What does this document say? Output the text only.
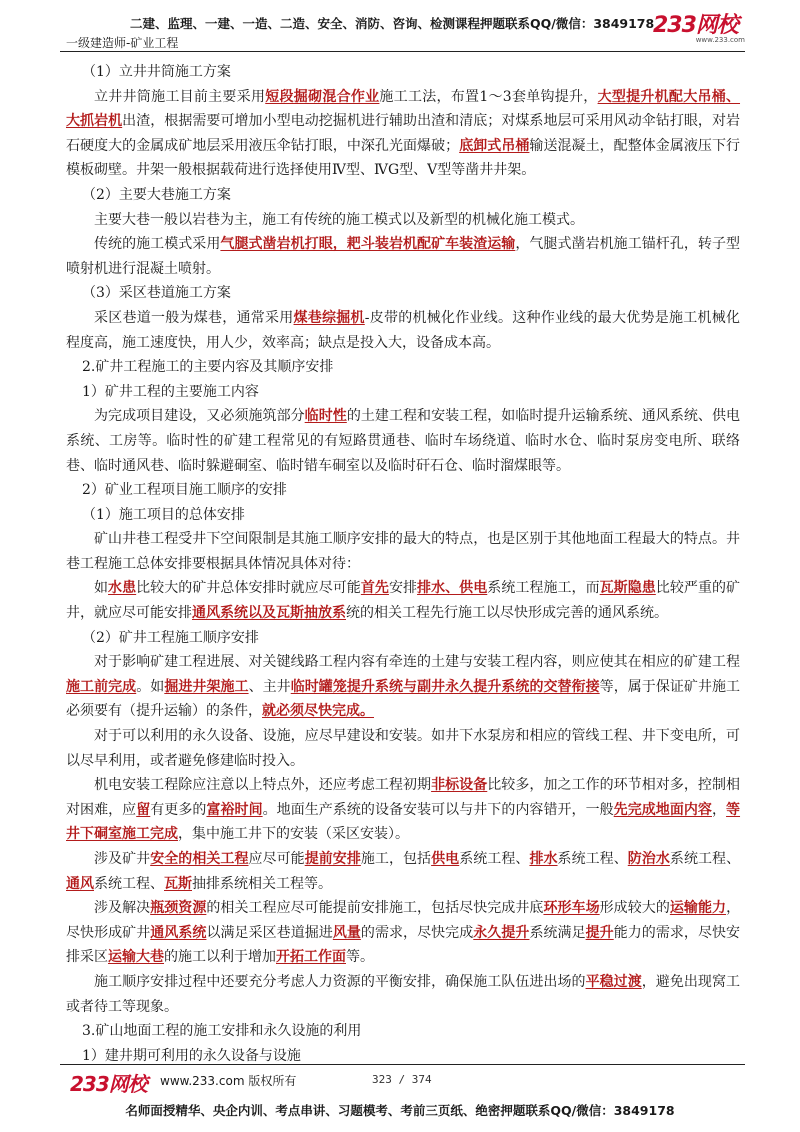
二建、监理、一建、一造、二造、安全、消防、咨询、检测课程押题联系QQ/微信：3849178
一级建造师-矿业工程
233网校
www.233.com

（1）立井井筒施工方案

立井井筒施工目前主要采用短段掘砌混合作业施工工法，布置1～3套单钩提升，大型提升机配大吊桶、大抓岩机出渣，根据需要可增加小型电动挖掘机进行辅助出渣和清底；对煤系地层可采用风动伞钻打眼，对岩石硬度大的金属成矿地层采用液压伞钻打眼，中深孔光面爆破；底卸式吊桶输送混凝土，配整体金属液压下行模板砌壁。井架一般根据载荷进行选择使用Ⅳ型、ⅣG型、Ⅴ型等凿井井架。

（2）主要大巷施工方案

主要大巷一般以岩巷为主，施工有传统的施工模式以及新型的机械化施工模式。

传统的施工模式采用气腿式凿岩机打眼，耙斗装岩机配矿车装渣运输，气腿式凿岩机施工锚杆孔，转子型喷射机进行混凝土喷射。

（3）采区巷道施工方案

采区巷道一般为煤巷，通常采用煤巷综掘机-皮带的机械化作业线。这种作业线的最大优势是施工机械化程度高，施工速度快，用人少，效率高；缺点是投入大，设备成本高。

2.矿井工程施工的主要内容及其顺序安排

1）矿井工程的主要施工内容

为完成项目建设，又必须施筑部分临时性的土建工程和安装工程，如临时提升运输系统、通风系统、供电系统、工房等。临时性的矿建工程常见的有短路贯通巷、临时车场绕道、临时水仓、临时泵房变电所、联络巷、临时通风巷、临时躲避硐室、临时错车硐室以及临时矸石仓、临时溜煤眼等。

2）矿业工程项目施工顺序的安排

（1）施工项目的总体安排

矿山井巷工程受井下空间限制是其施工顺序安排的最大的特点，也是区别于其他地面工程最大的特点。井巷工程施工总体安排要根据具体情况具体对待：

如水患比较大的矿井总体安排时就应尽可能首先安排排水、供电系统工程施工，而瓦斯隐患比较严重的矿井，就应尽可能安排通风系统以及瓦斯抽放系统的相关工程先行施工以尽快形成完善的通风系统。

（2）矿井工程施工顺序安排

对于影响矿建工程进展、对关键线路工程内容有牵连的土建与安装工程内容，则应使其在相应的矿建工程施工前完成。如掘进井架施工、主井临时罐笼提升系统与副井永久提升系统的交替衔接等，属于保证矿井施工必须要有（提升运输）的条件，就必须尽快完成。

对于可以利用的永久设备、设施，应尽早建设和安装。如井下水泵房和相应的管线工程、井下变电所，可以尽早利用，或者避免修建临时投入。

机电安装工程除应注意以上特点外，还应考虑工程初期非标设备比较多，加之工作的环节相对多，控制相对困难，应留有更多的富裕时间。地面生产系统的设备安装可以与井下的内容错开，一般先完成地面内容，等井下硐室施工完成，集中施工井下的安装（采区安装）。

涉及矿井安全的相关工程应尽可能提前安排施工，包括供电系统工程、排水系统工程、防治水系统工程、通风系统工程、瓦斯抽排系统相关工程等。

涉及解决瓶颈资源的相关工程应尽可能提前安排施工，包括尽快完成井底环形车场形成较大的运输能力，尽快形成矿井通风系统以满足采区巷道掘进风量的需求，尽快完成永久提升系统满足提升能力的需求，尽快安排采区运输大巷的施工以利于增加开拓工作面等。

施工顺序安排过程中还要充分考虑人力资源的平衡安排，确保施工队伍进出场的平稳过渡，避免出现窝工或者待工等现象。

3.矿山地面工程的施工安排和永久设施的利用

1）建井期可利用的永久设备与设施

233网校 www.233.com 版权所有	323 / 374
名师面授精华、央企内训、考点串讲、习题模考、考前三页纸、绝密押题联系QQ/微信：3849178
